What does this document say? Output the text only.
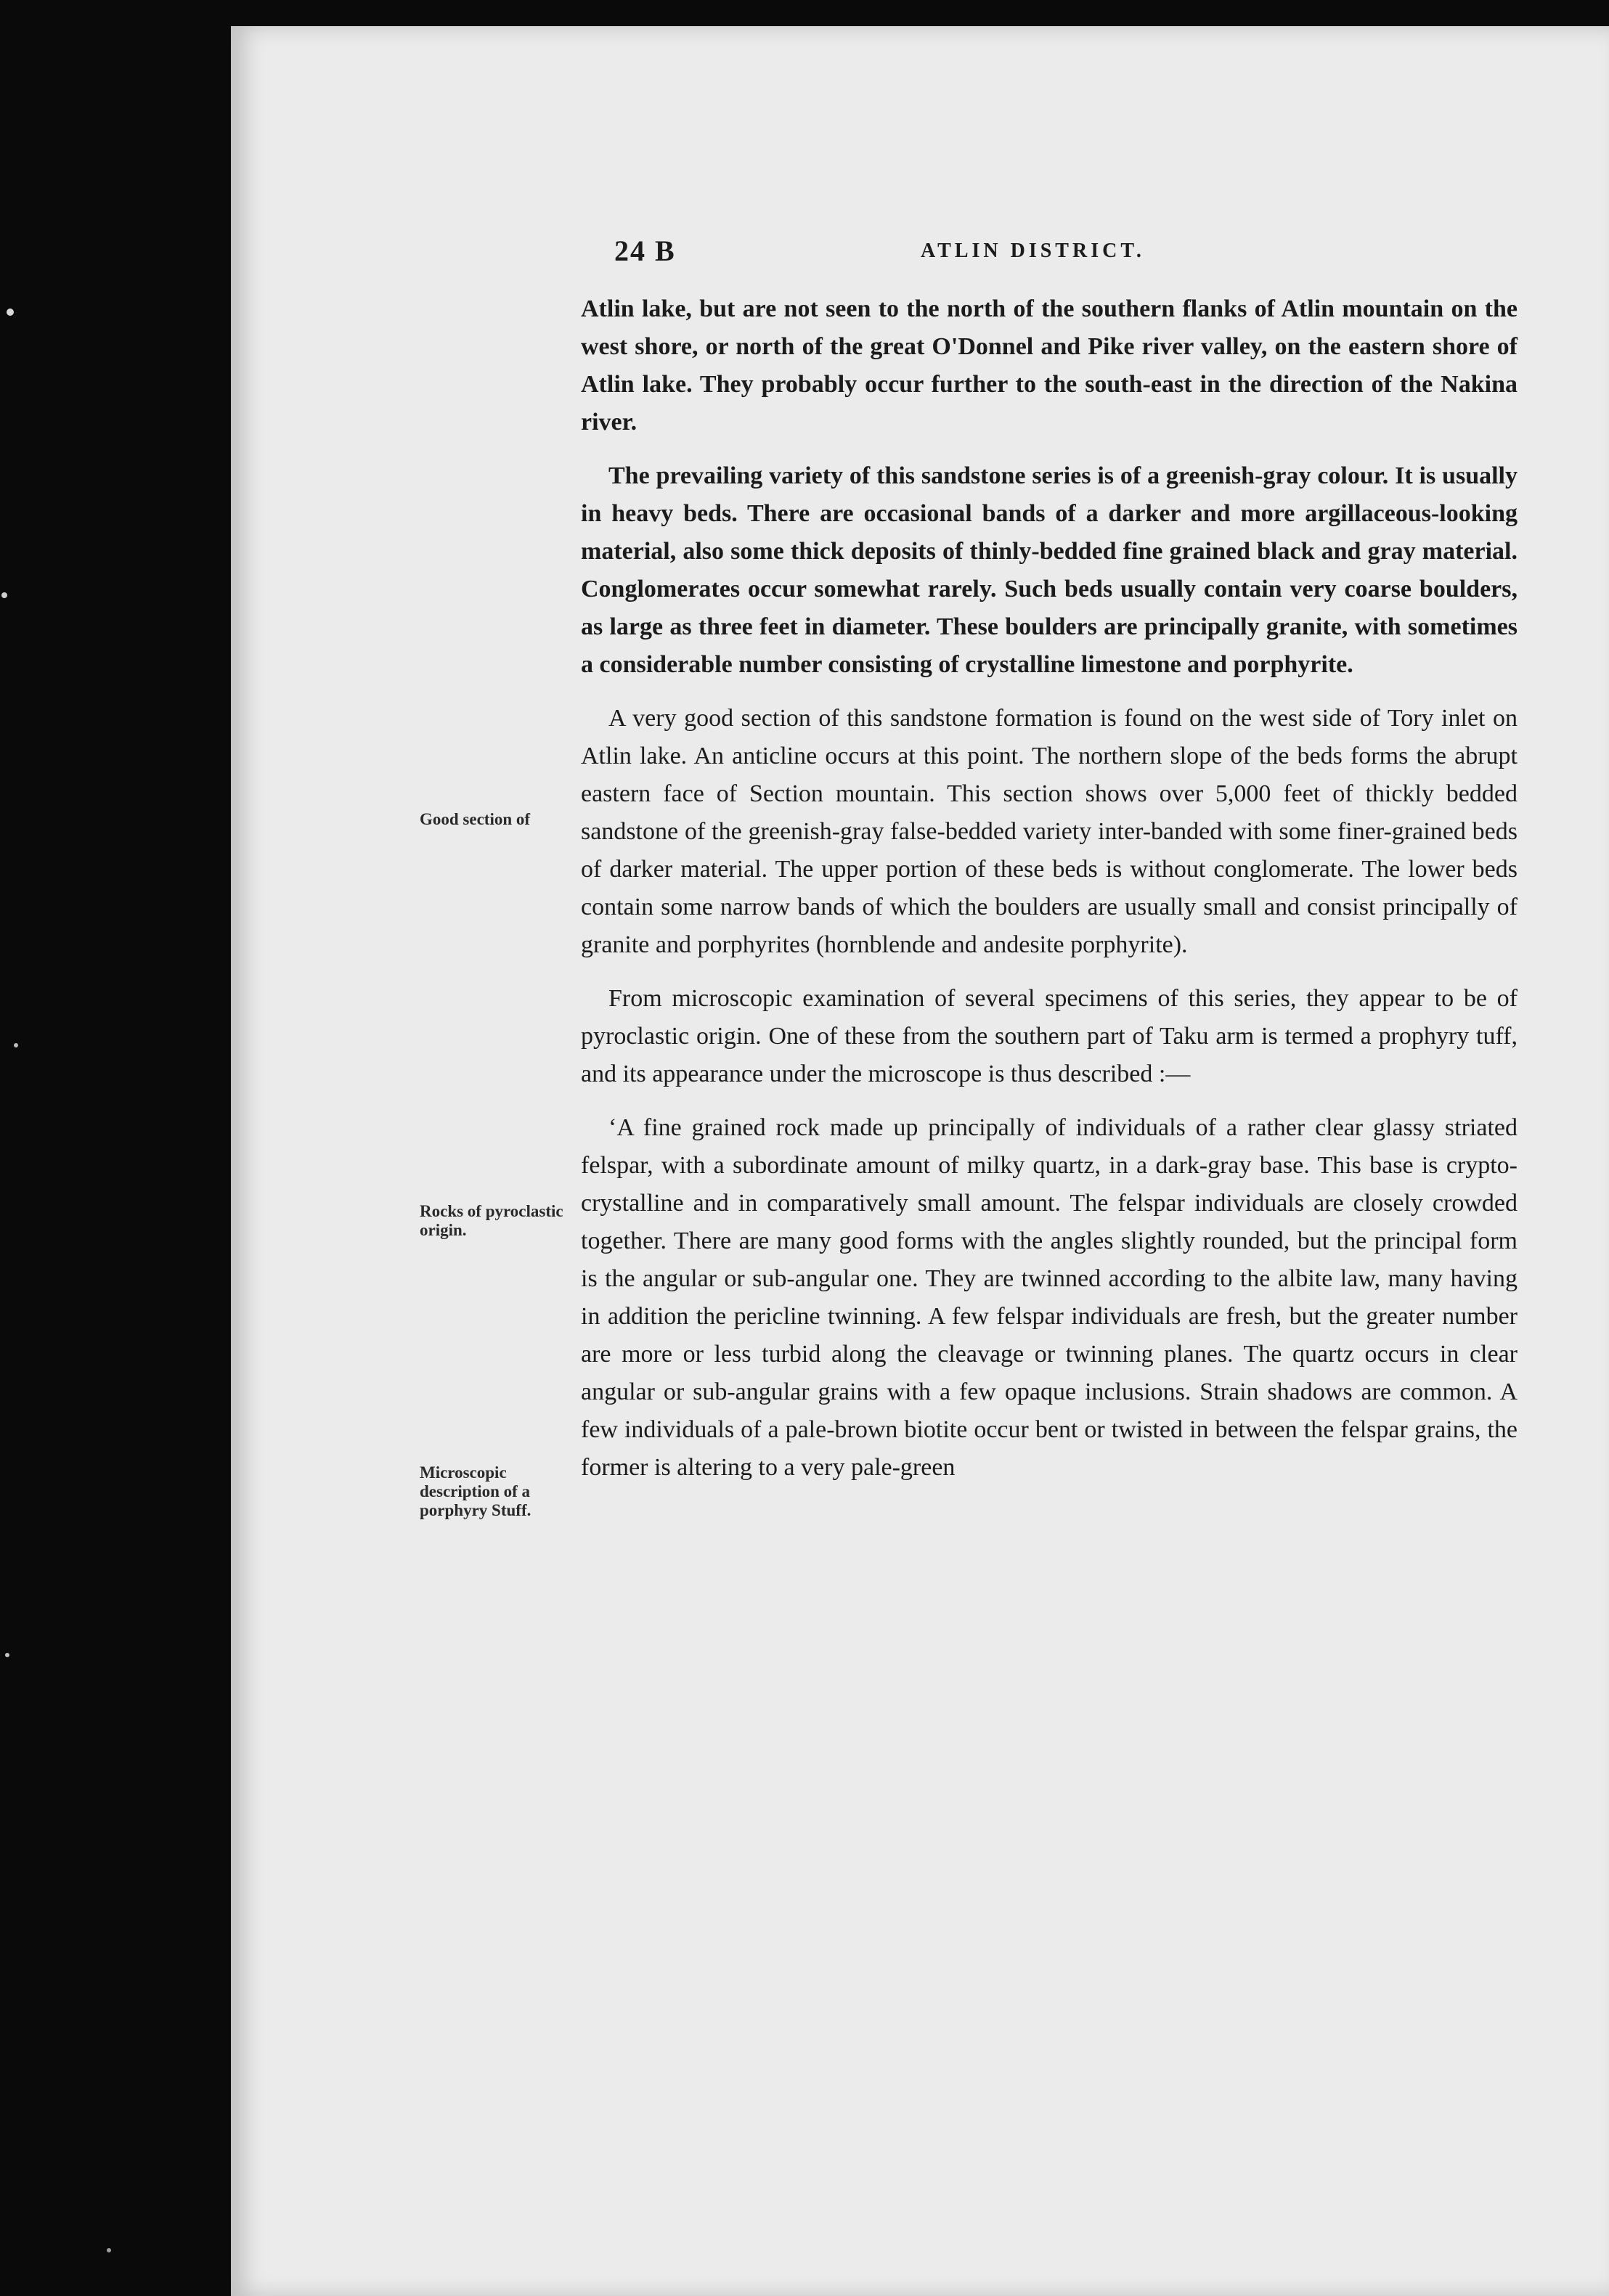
24 B	ATLIN DISTRICT.
Good section of
Rocks of pyroclastic origin.
Microscopic description of a porphyry Stuff.

Atlin lake, but are not seen to the north of the southern flanks of Atlin mountain on the west shore, or north of the great O'Donnel and Pike river valley, on the eastern shore of Atlin lake. They probably occur further to the south-east in the direction of the Nakina river.

The prevailing variety of this sandstone series is of a greenish-gray colour. It is usually in heavy beds. There are occasional bands of a darker and more argillaceous-looking material, also some thick deposits of thinly-bedded fine grained black and gray material. Conglomerates occur somewhat rarely. Such beds usually contain very coarse boulders, as large as three feet in diameter. These boulders are principally granite, with sometimes a considerable number consisting of crystalline limestone and porphyrite.

A very good section of this sandstone formation is found on the west side of Tory inlet on Atlin lake. An anticline occurs at this point. The northern slope of the beds forms the abrupt eastern face of Section mountain. This section shows over 5,000 feet of thickly bedded sandstone of the greenish-gray false-bedded variety inter-banded with some finer-grained beds of darker material. The upper portion of these beds is without conglomerate. The lower beds contain some narrow bands of which the boulders are usually small and consist principally of granite and porphyrites (hornblende and andesite porphyrite).

From microscopic examination of several specimens of this series, they appear to be of pyroclastic origin. One of these from the southern part of Taku arm is termed a prophyry tuff, and its appearance under the microscope is thus described :—

‘A fine grained rock made up principally of individuals of a rather clear glassy striated felspar, with a subordinate amount of milky quartz, in a dark-gray base. This base is crypto-crystalline and in comparatively small amount. The felspar individuals are closely crowded together. There are many good forms with the angles slightly rounded, but the principal form is the angular or sub-angular one. They are twinned according to the albite law, many having in addition the pericline twinning. A few felspar individuals are fresh, but the greater number are more or less turbid along the cleavage or twinning planes. The quartz occurs in clear angular or sub-angular grains with a few opaque inclusions. Strain shadows are common. A few individuals of a pale-brown biotite occur bent or twisted in between the felspar grains, the former is altering to a very pale-green
